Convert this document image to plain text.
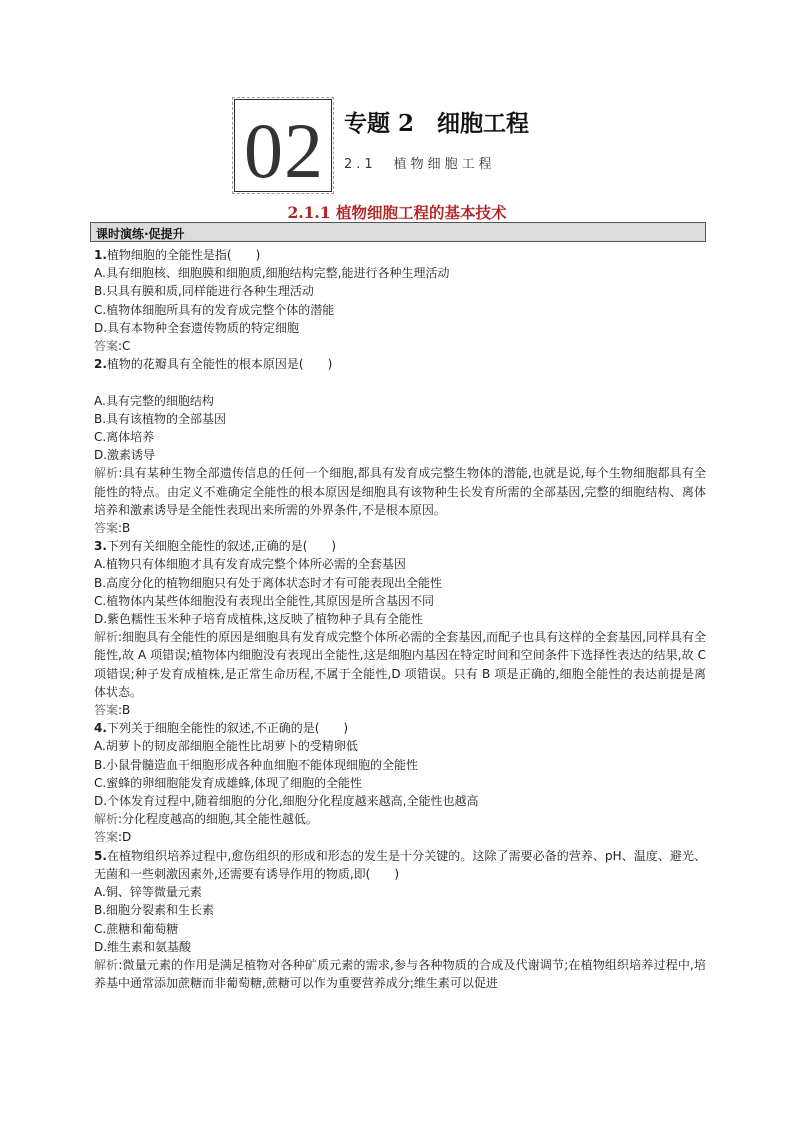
02 专题 2　细胞工程
2.1　植物细胞工程
2.1.1 植物细胞工程的基本技术
课时演练·促提升
1.植物细胞的全能性是指(　　)
A.具有细胞核、细胞膜和细胞质,细胞结构完整,能进行各种生理活动
B.只具有膜和质,同样能进行各种生理活动
C.植物体细胞所具有的发育成完整个体的潜能
D.具有本物种全套遗传物质的特定细胞
答案:C
2.植物的花瓣具有全能性的根本原因是(　　)
A.具有完整的细胞结构
B.具有该植物的全部基因
C.离体培养
D.激素诱导
解析:具有某种生物全部遗传信息的任何一个细胞,都具有发育成完整生物体的潜能,也就是说,每个生物细胞都具有全能性的特点。由定义不难确定全能性的根本原因是细胞具有该物种生长发育所需的全部基因,完整的细胞结构、离体培养和激素诱导是全能性表现出来所需的外界条件,不是根本原因。
答案:B
3.下列有关细胞全能性的叙述,正确的是(　　)
A.植物只有体细胞才具有发育成完整个体所必需的全套基因
B.高度分化的植物细胞只有处于离体状态时才有可能表现出全能性
C.植物体内某些体细胞没有表现出全能性,其原因是所含基因不同
D.紫色糯性玉米种子培育成植株,这反映了植物种子具有全能性
解析:细胞具有全能性的原因是细胞具有发育成完整个体所必需的全套基因,而配子也具有这样的全套基因,同样具有全能性,故 A 项错误;植物体内细胞没有表现出全能性,这是细胞内基因在特定时间和空间条件下选择性表达的结果,故 C 项错误;种子发育成植株,是正常生命历程,不属于全能性,D 项错误。只有 B 项是正确的,细胞全能性的表达前提是离体状态。
答案:B
4.下列关于细胞全能性的叙述,不正确的是(　　)
A.胡萝卜的韧皮部细胞全能性比胡萝卜的受精卵低
B.小鼠骨髓造血干细胞形成各种血细胞不能体现细胞的全能性
C.蜜蜂的卵细胞能发育成雄蜂,体现了细胞的全能性
D.个体发育过程中,随着细胞的分化,细胞分化程度越来越高,全能性也越高
解析:分化程度越高的细胞,其全能性越低。
答案:D
5.在植物组织培养过程中,愈伤组织的形成和形态的发生是十分关键的。这除了需要必备的营养、pH、温度、避光、无菌和一些刺激因素外,还需要有诱导作用的物质,即(　　)
A.铜、锌等微量元素
B.细胞分裂素和生长素
C.蔗糖和葡萄糖
D.维生素和氨基酸
解析:微量元素的作用是满足植物对各种矿质元素的需求,参与各种物质的合成及代谢调节;在植物组织培养过程中,培养基中通常添加蔗糖而非葡萄糖,蔗糖可以作为重要营养成分;维生素可以促进
